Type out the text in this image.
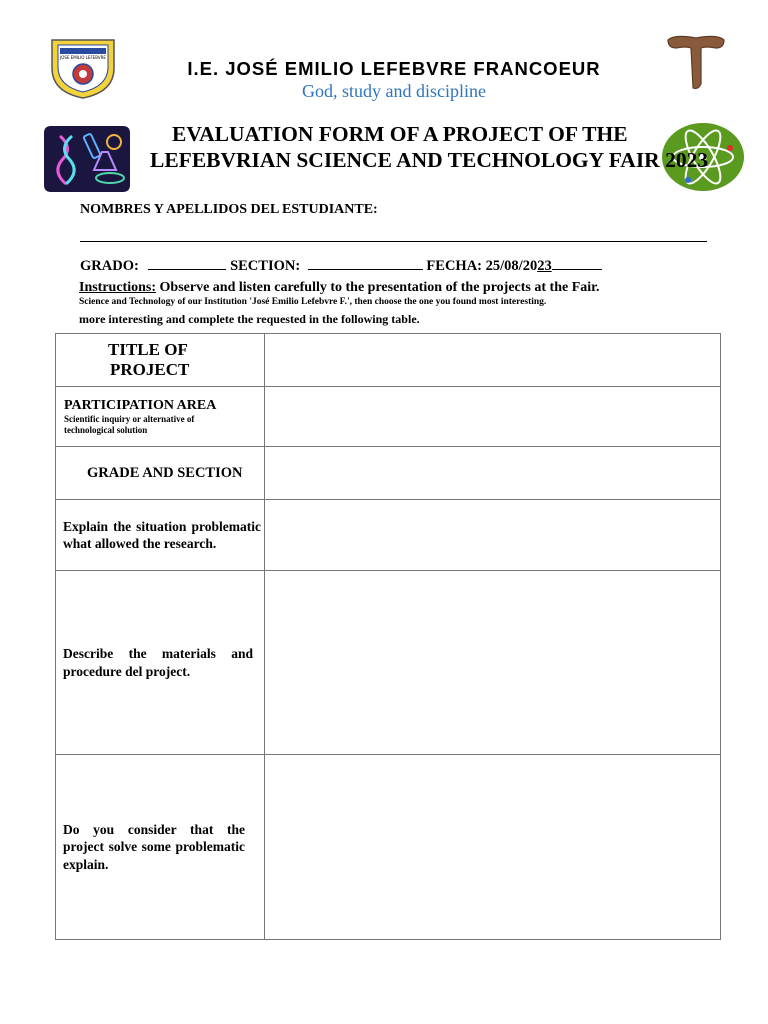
JOSE EMILIO LEFEBVRE
I.E. JOSÉ EMILIO LEFEBVRE FRANCOEUR
God, study and discipline
EVALUATION FORM OF A PROJECT OF THE
LEFEBVRIAN SCIENCE AND TECHNOLOGY FAIR 2023
NOMBRES Y APELLIDOS DEL ESTUDIANTE:
GRADO:	SECTION:	FECHA: 25/08/2023
Instructions: Observe and listen carefully to the presentation of the projects at the Fair.
Science and Technology of our Institution 'José Emilio Lefebvre F.', then choose the one you found most interesting.
more interesting and complete the requested in the following table.
TITLE OF
PROJECT	

PARTICIPATION AREA
Scientific inquiry or alternative of technological solution	

GRADE AND SECTION	

Explain the situation problematic what allowed the research.	

Describe the materials and procedure del project.	

Do you consider that the project solve some problematic explain.	
